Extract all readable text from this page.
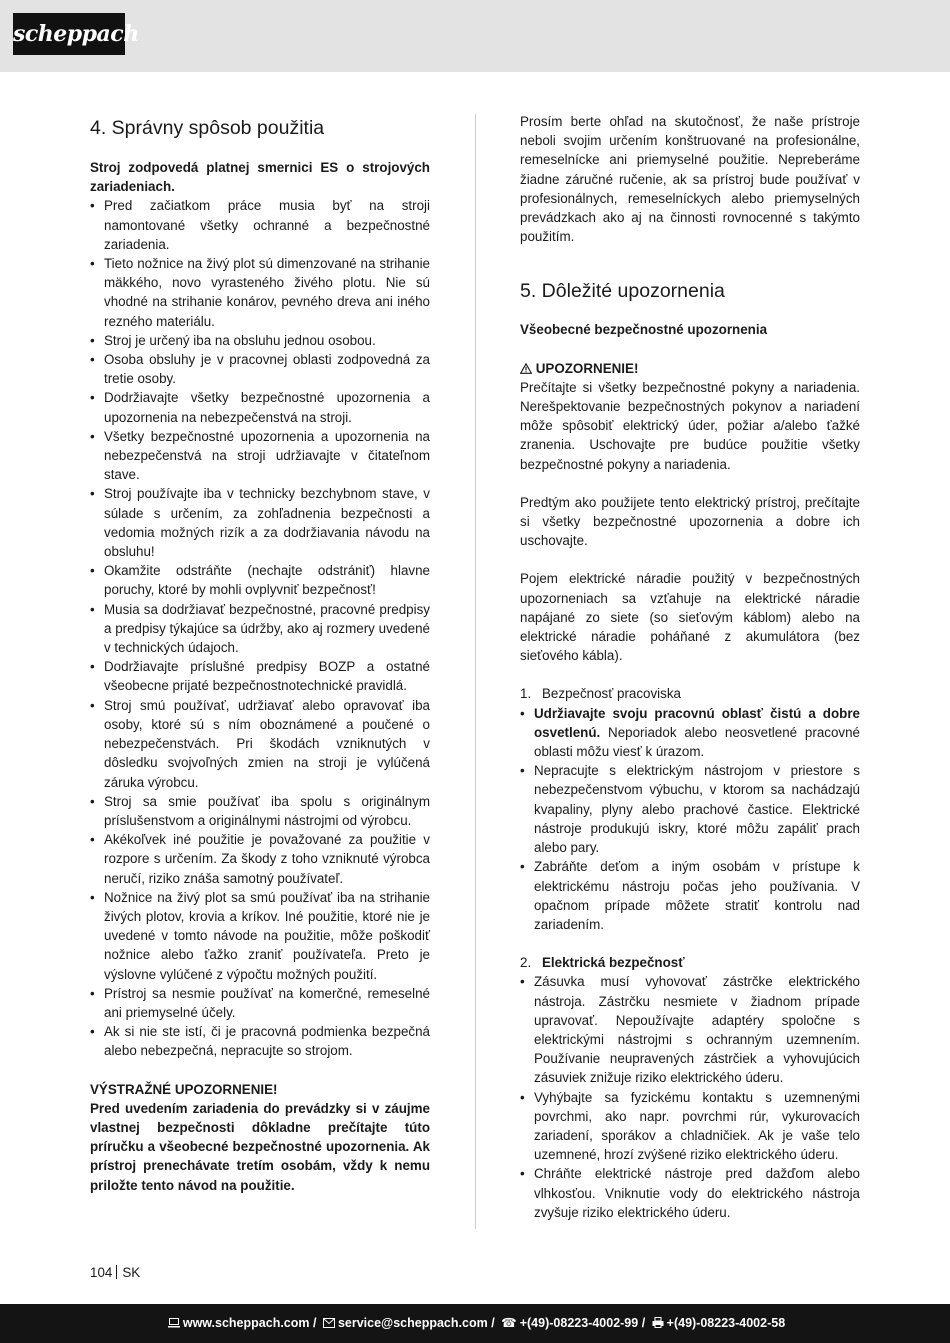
scheppach
4. Správny spôsob použitia

Stroj zodpovedá platnej smernici ES o strojových zariadeniach.

• Pred začiatkom práce musia byť na stroji namontované všetky ochranné a bezpečnostné zariadenia.
• Tieto nožnice na živý plot sú dimenzované na strihanie mäkkého, novo vyrasteného živého plotu. Nie sú vhodné na strihanie konárov, pevného dreva ani iného rezného materiálu.
• Stroj je určený iba na obsluhu jednou osobou.
• Osoba obsluhy je v pracovnej oblasti zodpovedná za tretie osoby.
• Dodržiavajte všetky bezpečnostné upozornenia a upozornenia na nebezpečenstvá na stroji.
• Všetky bezpečnostné upozornenia a upozornenia na nebezpečenstvá na stroji udržiavajte v čitateľnom stave.
• Stroj používajte iba v technicky bezchybnom stave, v súlade s určením, za zohľadnenia bezpečnosti a vedomia možných rizík a za dodržiavania návodu na obsluhu!
• Okamžite odstráňte (nechajte odstrániť) hlavne poruchy, ktoré by mohli ovplyvniť bezpečnosť!
• Musia sa dodržiavať bezpečnostné, pracovné predpisy a predpisy týkajúce sa údržby, ako aj rozmery uvedené v technických údajoch.
• Dodržiavajte príslušné predpisy BOZP a ostatné všeobecne prijaté bezpečnostnotechnické pravidlá.
• Stroj smú používať, udržiavať alebo opravovať iba osoby, ktoré sú s ním oboznámené a poučené o nebezpečenstvách. Pri škodách vzniknutých v dôsledku svojvoľných zmien na stroji je vylúčená záruka výrobcu.
• Stroj sa smie používať iba spolu s originálnym príslušenstvom a originálnymi nástrojmi od výrobcu.
• Akékoľvek iné použitie je považované za použitie v rozpore s určením. Za škody z toho vzniknuté výrobca neručí, riziko znáša samotný používateľ.
• Nožnice na živý plot sa smú používať iba na strihanie živých plotov, krovia a kríkov. Iné použitie, ktoré nie je uvedené v tomto návode na použitie, môže poškodiť nožnice alebo ťažko zraniť používateľa. Preto je výslovne vylúčené z výpočtu možných použití.
• Prístroj sa nesmie používať na komerčné, remeselné ani priemyselné účely.
• Ak si nie ste istí, či je pracovná podmienka bezpečná alebo nebezpečná, nepracujte so strojom.

VÝSTRAŽNÉ UPOZORNENIE!

Pred uvedením zariadenia do prevádzky si v záujme vlastnej bezpečnosti dôkladne prečítajte túto príručku a všeobecné bezpečnostné upozornenia. Ak prístroj prenechávate tretím osobám, vždy k nemu priložte tento návod na použitie.

Prosím berte ohľad na skutočnosť, že naše prístroje neboli svojim určením konštruované na profesionálne, remeselnícke ani priemyselné použitie. Nepreberáme žiadne záručné ručenie, ak sa prístroj bude používať v profesionálnych, remeselníckych alebo priemyselných prevádzkach ako aj na činnosti rovnocenné s takýmto použitím.

5. Dôležité upozornenia

Všeobecné bezpečnostné upozornenia

UPOZORNENIE!

Prečítajte si všetky bezpečnostné pokyny a nariadenia. Nerešpektovanie bezpečnostných pokynov a nariadení môže spôsobiť elektrický úder, požiar a/alebo ťažké zranenia. Uschovajte pre budúce použitie všetky bezpečnostné pokyny a nariadenia.

Predtým ako použijete tento elektrický prístroj, prečítajte si všetky bezpečnostné upozornenia a dobre ich uschovajte.

Pojem elektrické náradie použitý v bezpečnostných upozorneniach sa vzťahuje na elektrické náradie napájané zo siete (so sieťovým káblom) alebo na elektrické náradie poháňané z akumulátora (bez sieťového kábla).

1. Bezpečnosť pracoviska
• Udržiavajte svoju pracovnú oblasť čistú a dobre osvetlenú. Neporiadok alebo neosvetlené pracovné oblasti môžu viesť k úrazom.
• Nepracujte s elektrickým nástrojom v priestore s nebezpečenstvom výbuchu, v ktorom sa nachádzajú kvapaliny, plyny alebo prachové častice. Elektrické nástroje produkujú iskry, ktoré môžu zapáliť prach alebo pary.
• Zabráňte deťom a iným osobám v prístupe k elektrickému nástroju počas jeho používania. V opačnom prípade môžete stratiť kontrolu nad zariadením.
2. Elektrická bezpečnosť
• Zásuvka musí vyhovovať zástrčke elektrického nástroja. Zástrčku nesmiete v žiadnom prípade upravovať. Nepoužívajte adaptéry spoločne s elektrickými nástrojmi s ochranným uzemnením. Používanie neupravených zástrčiek a vyhovujúcich zásuviek znižuje riziko elektrického úderu.
• Vyhýbajte sa fyzickému kontaktu s uzemnenými povrchmi, ako napr. povrchmi rúr, vykurovacích zariadení, sporákov a chladničiek. Ak je vaše telo uzemnené, hrozí zvýšené riziko elektrického úderu.
• Chráňte elektrické nástroje pred dažďom alebo vlhkosťou. Vniknutie vody do elektrického nástroja zvyšuje riziko elektrického úderu.
104 SK
www.scheppach.com / service@scheppach.com / ☎ +(49)-08223-4002-99 / +(49)-08223-4002-58
